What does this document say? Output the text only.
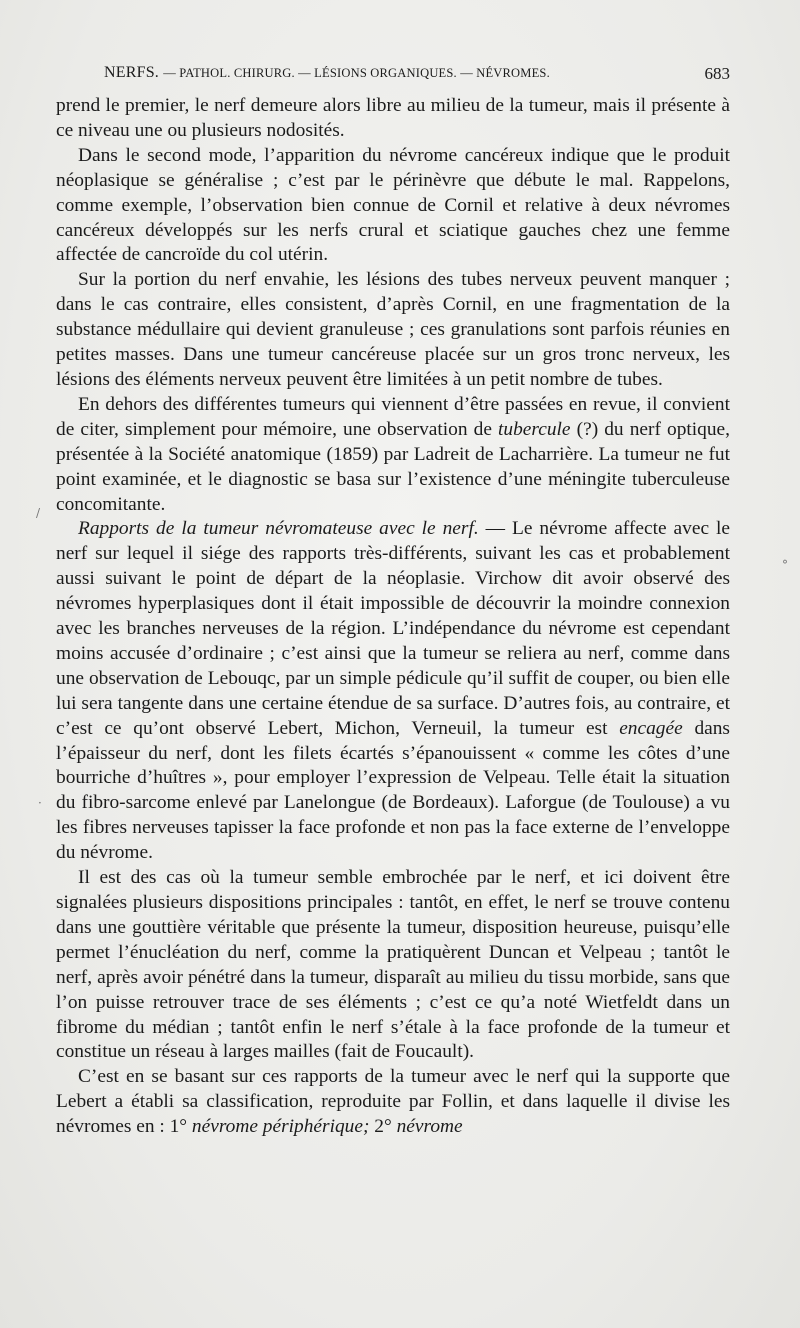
NERFS. — PATHOL. CHIRURG. — LÉSIONS ORGANIQUES. — NÉVROMES.	683

prend le premier, le nerf demeure alors libre au milieu de la tumeur, mais il présente à ce niveau une ou plusieurs nodosités.

Dans le second mode, l’apparition du névrome cancéreux indique que le produit néoplasique se généralise ; c’est par le périnèvre que débute le mal. Rappelons, comme exemple, l’observation bien connue de Cornil et relative à deux névromes cancéreux développés sur les nerfs crural et sciatique gauches chez une femme affectée de cancroïde du col utérin.

Sur la portion du nerf envahie, les lésions des tubes nerveux peuvent manquer ; dans le cas contraire, elles consistent, d’après Cornil, en une fragmentation de la substance médullaire qui devient granuleuse ; ces granulations sont parfois réunies en petites masses. Dans une tumeur cancéreuse placée sur un gros tronc nerveux, les lésions des éléments nerveux peuvent être limitées à un petit nombre de tubes.

En dehors des différentes tumeurs qui viennent d’être passées en revue, il convient de citer, simplement pour mémoire, une observation de tubercule (?) du nerf optique, présentée à la Société anatomique (1859) par Ladreit de Lacharrière. La tumeur ne fut point examinée, et le diagnostic se basa sur l’existence d’une méningite tuberculeuse concomitante.

Rapports de la tumeur névromateuse avec le nerf. — Le névrome affecte avec le nerf sur lequel il siége des rapports très-différents, suivant les cas et probablement aussi suivant le point de départ de la néoplasie. Virchow dit avoir observé des névromes hyperplasiques dont il était impossible de découvrir la moindre connexion avec les branches nerveuses de la région. L’indépendance du névrome est cependant moins accusée d’ordinaire ; c’est ainsi que la tumeur se reliera au nerf, comme dans une observation de Lebouqc, par un simple pédicule qu’il suffit de couper, ou bien elle lui sera tangente dans une certaine étendue de sa surface. D’autres fois, au contraire, et c’est ce qu’ont observé Lebert, Michon, Verneuil, la tumeur est encagée dans l’épaisseur du nerf, dont les filets écartés s’épanouissent « comme les côtes d’une bourriche d’huîtres », pour employer l’expression de Velpeau. Telle était la situation du fibro-sarcome enlevé par Lanelongue (de Bordeaux). Laforgue (de Toulouse) a vu les fibres nerveuses tapisser la face profonde et non pas la face externe de l’enveloppe du névrome.

Il est des cas où la tumeur semble embrochée par le nerf, et ici doivent être signalées plusieurs dispositions principales : tantôt, en effet, le nerf se trouve contenu dans une gouttière véritable que présente la tumeur, disposition heureuse, puisqu’elle permet l’énucléation du nerf, comme la pratiquèrent Duncan et Velpeau ; tantôt le nerf, après avoir pénétré dans la tumeur, disparaît au milieu du tissu morbide, sans que l’on puisse retrouver trace de ses éléments ; c’est ce qu’a noté Wietfeldt dans un fibrome du médian ; tantôt enfin le nerf s’étale à la face profonde de la tumeur et constitue un réseau à larges mailles (fait de Foucault).

C’est en se basant sur ces rapports de la tumeur avec le nerf qui la supporte que Lebert a établi sa classification, reproduite par Follin, et dans laquelle il divise les névromes en : 1° névrome périphérique; 2° névrome

/
·
°
